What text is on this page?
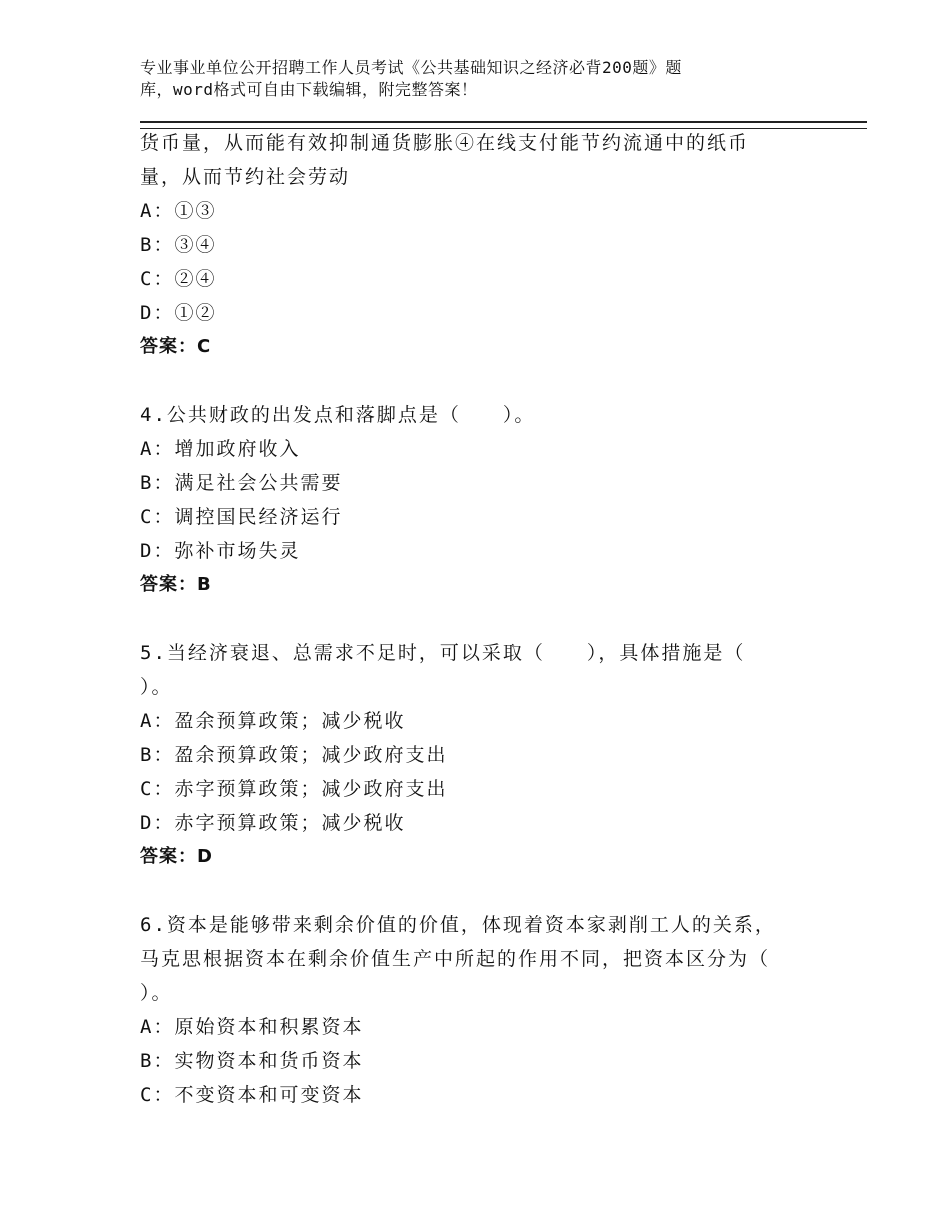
专业事业单位公开招聘工作人员考试《公共基础知识之经济必背200题》题
库，word格式可自由下载编辑，附完整答案！
货币量，从而能有效抑制通货膨胀④在线支付能节约流通中的纸币
量，从而节约社会劳动
A：①③
B：③④
C：②④
D：①②
答案：C
4.公共财政的出发点和落脚点是（　　）。
A：增加政府收入
B：满足社会公共需要
C：调控国民经济运行
D：弥补市场失灵
答案：B
5.当经济衰退、总需求不足时，可以采取（　　），具体措施是（
）。
A：盈余预算政策；减少税收
B：盈余预算政策；减少政府支出
C：赤字预算政策；减少政府支出
D：赤字预算政策；减少税收
答案：D
6.资本是能够带来剩余价值的价值，体现着资本家剥削工人的关系，
马克思根据资本在剩余价值生产中所起的作用不同，把资本区分为（
）。
A：原始资本和积累资本
B：实物资本和货币资本
C：不变资本和可变资本
